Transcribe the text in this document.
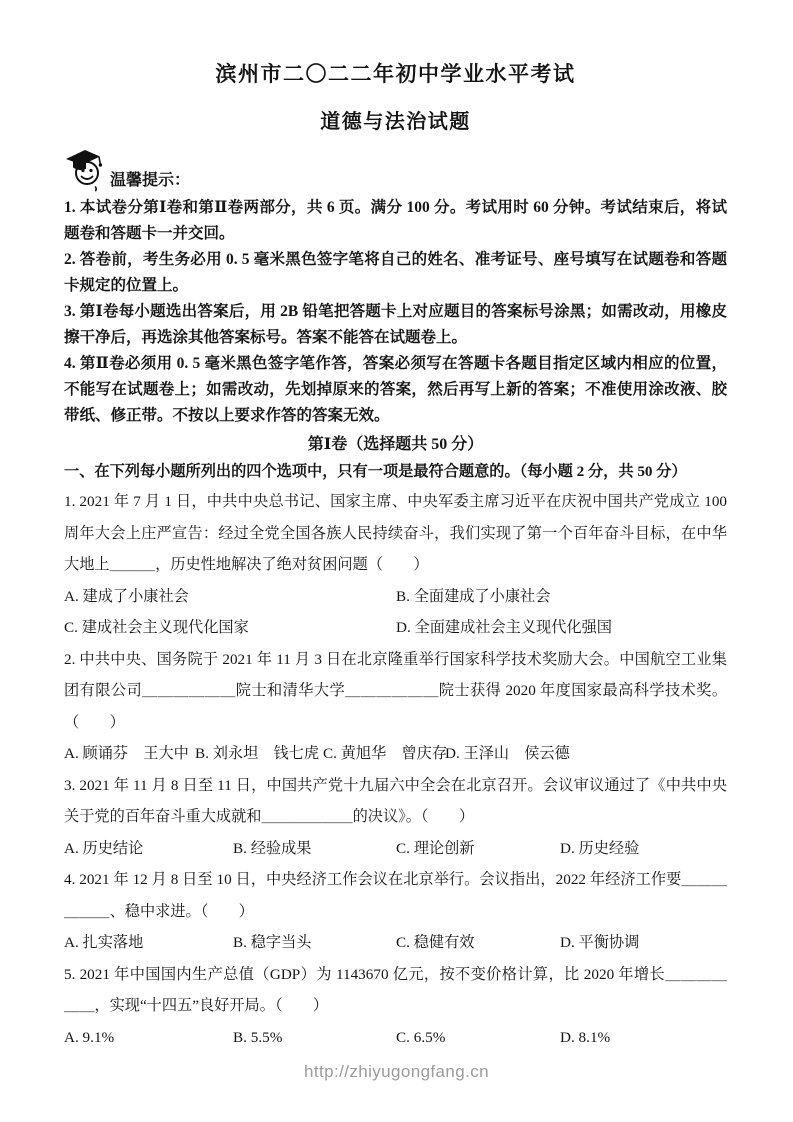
滨州市二〇二二年初中学业水平考试
道德与法治试题
温馨提示：

1. 本试卷分第Ⅰ卷和第Ⅱ卷两部分，共 6 页。满分 100 分。考试用时 60 分钟。考试结束后，将试题卷和答题卡一并交回。

2. 答卷前，考生务必用 0. 5 毫米黑色签字笔将自己的姓名、准考证号、座号填写在试题卷和答题卡规定的位置上。

3. 第Ⅰ卷每小题选出答案后，用 2B 铅笔把答题卡上对应题目的答案标号涂黑；如需改动，用橡皮擦干净后，再选涂其他答案标号。答案不能答在试题卷上。

4. 第Ⅱ卷必须用 0. 5 毫米黑色签字笔作答，答案必须写在答题卡各题目指定区域内相应的位置，不能写在试题卷上；如需改动，先划掉原来的答案，然后再写上新的答案；不准使用涂改液、胶带纸、修正带。不按以上要求作答的答案无效。

第Ⅰ卷（选择题共 50 分）

一、在下列每小题所列出的四个选项中，只有一项是最符合题意的。（每小题 2 分，共 50 分）

1. 2021 年 7 月 1 日，中共中央总书记、国家主席、中央军委主席习近平在庆祝中国共产党成立 100 周年大会上庄严宣告：经过全党全国各族人民持续奋斗，我们实现了第一个百年奋斗目标，在中华大地上＿＿＿，历史性地解决了绝对贫困问题（　　）

A. 建成了小康社会	B. 全面建成了小康社会
C. 建成社会主义现代化国家	D. 全面建成社会主义现代化强国

2. 中共中央、国务院于 2021 年 11 月 3 日在北京隆重举行国家科学技术奖励大会。中国航空工业集团有限公司＿＿＿＿＿＿院士和清华大学＿＿＿＿＿＿院士获得 2020 年度国家最高科学技术奖。（　　）

A. 顾诵芬　王大中 B. 刘永坦　钱七虎 C. 黄旭华　曾庆存
D. 王泽山　侯云德

3. 2021 年 11 月 8 日至 11 日，中国共产党十九届六中全会在北京召开。会议审议通过了《中共中央关于党的百年奋斗重大成就和＿＿＿＿＿＿的决议》。（　　）

A. 历史结论	B. 经验成果	C. 理论创新	D. 历史经验

4. 2021 年 12 月 8 日至 10 日，中央经济工作会议在北京举行。会议指出，2022 年经济工作要＿＿＿＿＿＿、稳中求进。（　　）

A. 扎实落地	B. 稳字当头	C. 稳健有效	D. 平衡协调

5. 2021 年中国国内生产总值（GDP）为 1143670 亿元，按不变价格计算，比 2020 年增长＿＿＿＿＿＿，实现“十四五”良好开局。（　　）

A. 9.1%	B. 5.5%	C. 6.5%	D. 8.1%
http://zhiyugongfang.cn
